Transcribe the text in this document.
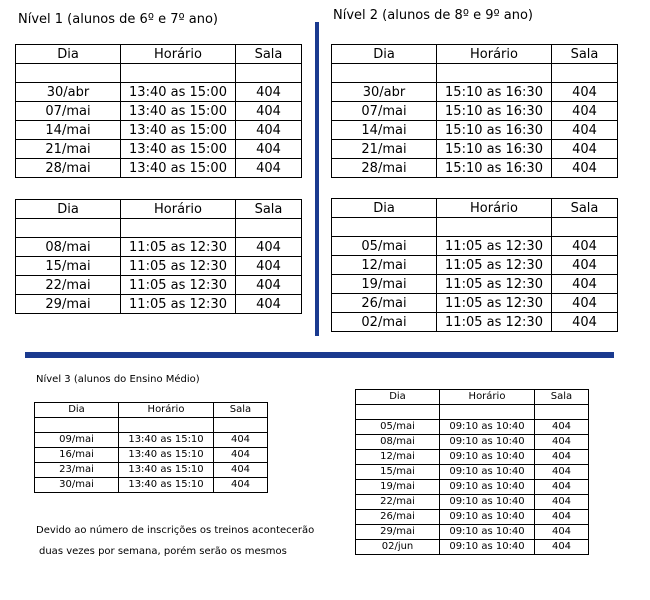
Nível 1 (alunos de 6º e 7º ano)
Dia	Horário	Sala

30/abr	13:40 as 15:00	404
07/mai	13:40 as 15:00	404
14/mai	13:40 as 15:00	404
21/mai	13:40 as 15:00	404
28/mai	13:40 as 15:00	404
Dia	Horário	Sala

08/mai	11:05 as 12:30	404
15/mai	11:05 as 12:30	404
22/mai	11:05 as 12:30	404
29/mai	11:05 as 12:30	404
Nível 2 (alunos de 8º e 9º ano)
Dia	Horário	Sala

30/abr	15:10 as 16:30	404
07/mai	15:10 as 16:30	404
14/mai	15:10 as 16:30	404
21/mai	15:10 as 16:30	404
28/mai	15:10 as 16:30	404
Dia	Horário	Sala

05/mai	11:05 as 12:30	404
12/mai	11:05 as 12:30	404
19/mai	11:05 as 12:30	404
26/mai	11:05 as 12:30	404
02/mai	11:05 as 12:30	404
Nível 3 (alunos do Ensino Médio)
Dia	Horário	Sala

09/mai	13:40 as 15:10	404
16/mai	13:40 as 15:10	404
23/mai	13:40 as 15:10	404
30/mai	13:40 as 15:10	404
Devido ao número de inscrições os treinos acontecerão
duas vezes por semana, porém serão os mesmos
Dia	Horário	Sala

05/mai	09:10 as 10:40	404
08/mai	09:10 as 10:40	404
12/mai	09:10 as 10:40	404
15/mai	09:10 as 10:40	404
19/mai	09:10 as 10:40	404
22/mai	09:10 as 10:40	404
26/mai	09:10 as 10:40	404
29/mai	09:10 as 10:40	404
02/jun	09:10 as 10:40	404
